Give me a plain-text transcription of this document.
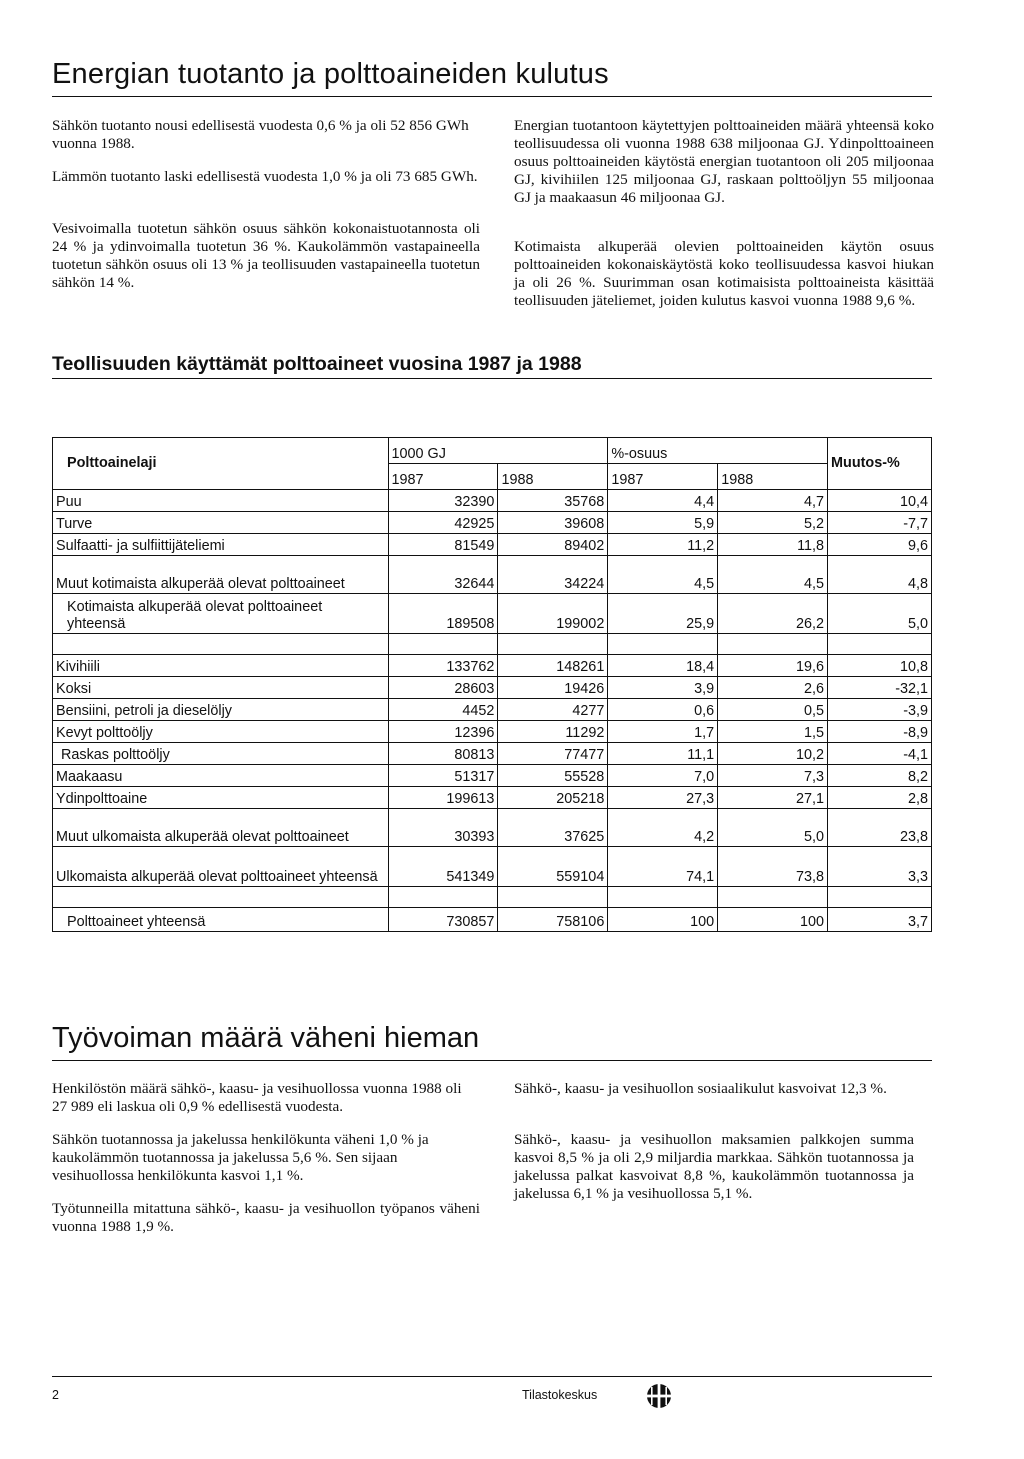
Energian tuotanto ja polttoaineiden kulutus

Sähkön tuotanto nousi edellisestä vuodesta 0,6 % ja oli 52 856 GWh vuonna 1988.

Lämmön tuotanto laski edellisestä vuodesta 1,0 % ja oli 73 685 GWh.

Vesivoimalla tuotetun sähkön osuus sähkön kokonaistuotannosta oli 24 % ja ydinvoimalla tuotetun 36 %. Kaukolämmön vastapaineella tuotetun sähkön osuus oli 13 % ja teollisuuden vastapaineella tuotetun sähkön 14 %.

Energian tuotantoon käytettyjen polttoaineiden määrä yhteensä koko teollisuudessa oli vuonna 1988 638 miljoonaa GJ. Ydinpolttoaineen osuus polttoaineiden käytöstä energian tuotantoon oli 205 miljoonaa GJ, kivihiilen 125 miljoonaa GJ, raskaan polttoöljyn 55 miljoonaa GJ ja maakaasun 46 miljoonaa GJ.

Kotimaista alkuperää olevien polttoaineiden käytön osuus polttoaineiden kokonaiskäytöstä koko teollisuudessa kasvoi hiukan ja oli 26 %. Suurimman osan kotimaisista polttoaineista käsittää teollisuuden jäteliemet, joiden kulutus kasvoi vuonna 1988 9,6 %.

Teollisuuden käyttämät polttoaineet vuosina 1987 ja 1988
Polttoainelaji	1000 GJ		%-osuus		Muutos-%
	1987	1988	1987	1988	
Puu	32390	35768	4,4	4,7	10,4
Turve	42925	39608	5,9	5,2	-7,7
Sulfaatti- ja sulfiittijäteliemi	81549	89402	11,2	11,8	9,6
Muut kotimaista alkuperää olevat polttoaineet	32644	34224	4,5	4,5	4,8
Kotimaista alkuperää olevat polttoaineet yhteensä	189508	199002	25,9	26,2	5,0

Kivihiili	133762	148261	18,4	19,6	10,8
Koksi	28603	19426	3,9	2,6	-32,1
Bensiini, petroli ja dieselöljy	4452	4277	0,6	0,5	-3,9
Kevyt polttoöljy	12396	11292	1,7	1,5	-8,9
Raskas polttoöljy	80813	77477	11,1	10,2	-4,1
Maakaasu	51317	55528	7,0	7,3	8,2
Ydinpolttoaine	199613	205218	27,3	27,1	2,8
Muut ulkomaista alkuperää olevat polttoaineet	30393	37625	4,2	5,0	23,8
Ulkomaista alkuperää olevat polttoaineet yhteensä	541349	559104	74,1	73,8	3,3

Polttoaineet yhteensä	730857	758106	100	100	3,7
Työvoiman määrä väheni hieman

Henkilöstön määrä sähkö-, kaasu- ja vesihuollossa vuonna 1988 oli 27 989 eli laskua oli 0,9 % edellisestä vuodesta.

Sähkön tuotannossa ja jakelussa henkilökunta väheni 1,0 % ja kaukolämmön tuotannossa ja jakelussa 5,6 %. Sen sijaan vesihuollossa henkilökunta kasvoi 1,1 %.

Työtunneilla mitattuna sähkö-, kaasu- ja vesihuollon työpanos väheni vuonna 1988 1,9 %.

Sähkö-, kaasu- ja vesihuollon sosiaalikulut kasvoivat 12,3 %.

Sähkö-, kaasu- ja vesihuollon maksamien palkkojen summa kasvoi 8,5 % ja oli 2,9 miljardia markkaa. Sähkön tuotannossa ja jakelussa palkat kasvoivat 8,8 %, kaukolämmön tuotannossa ja jakelussa 6,1 % ja vesihuollossa 5,1 %.

2	Tilastokeskus
